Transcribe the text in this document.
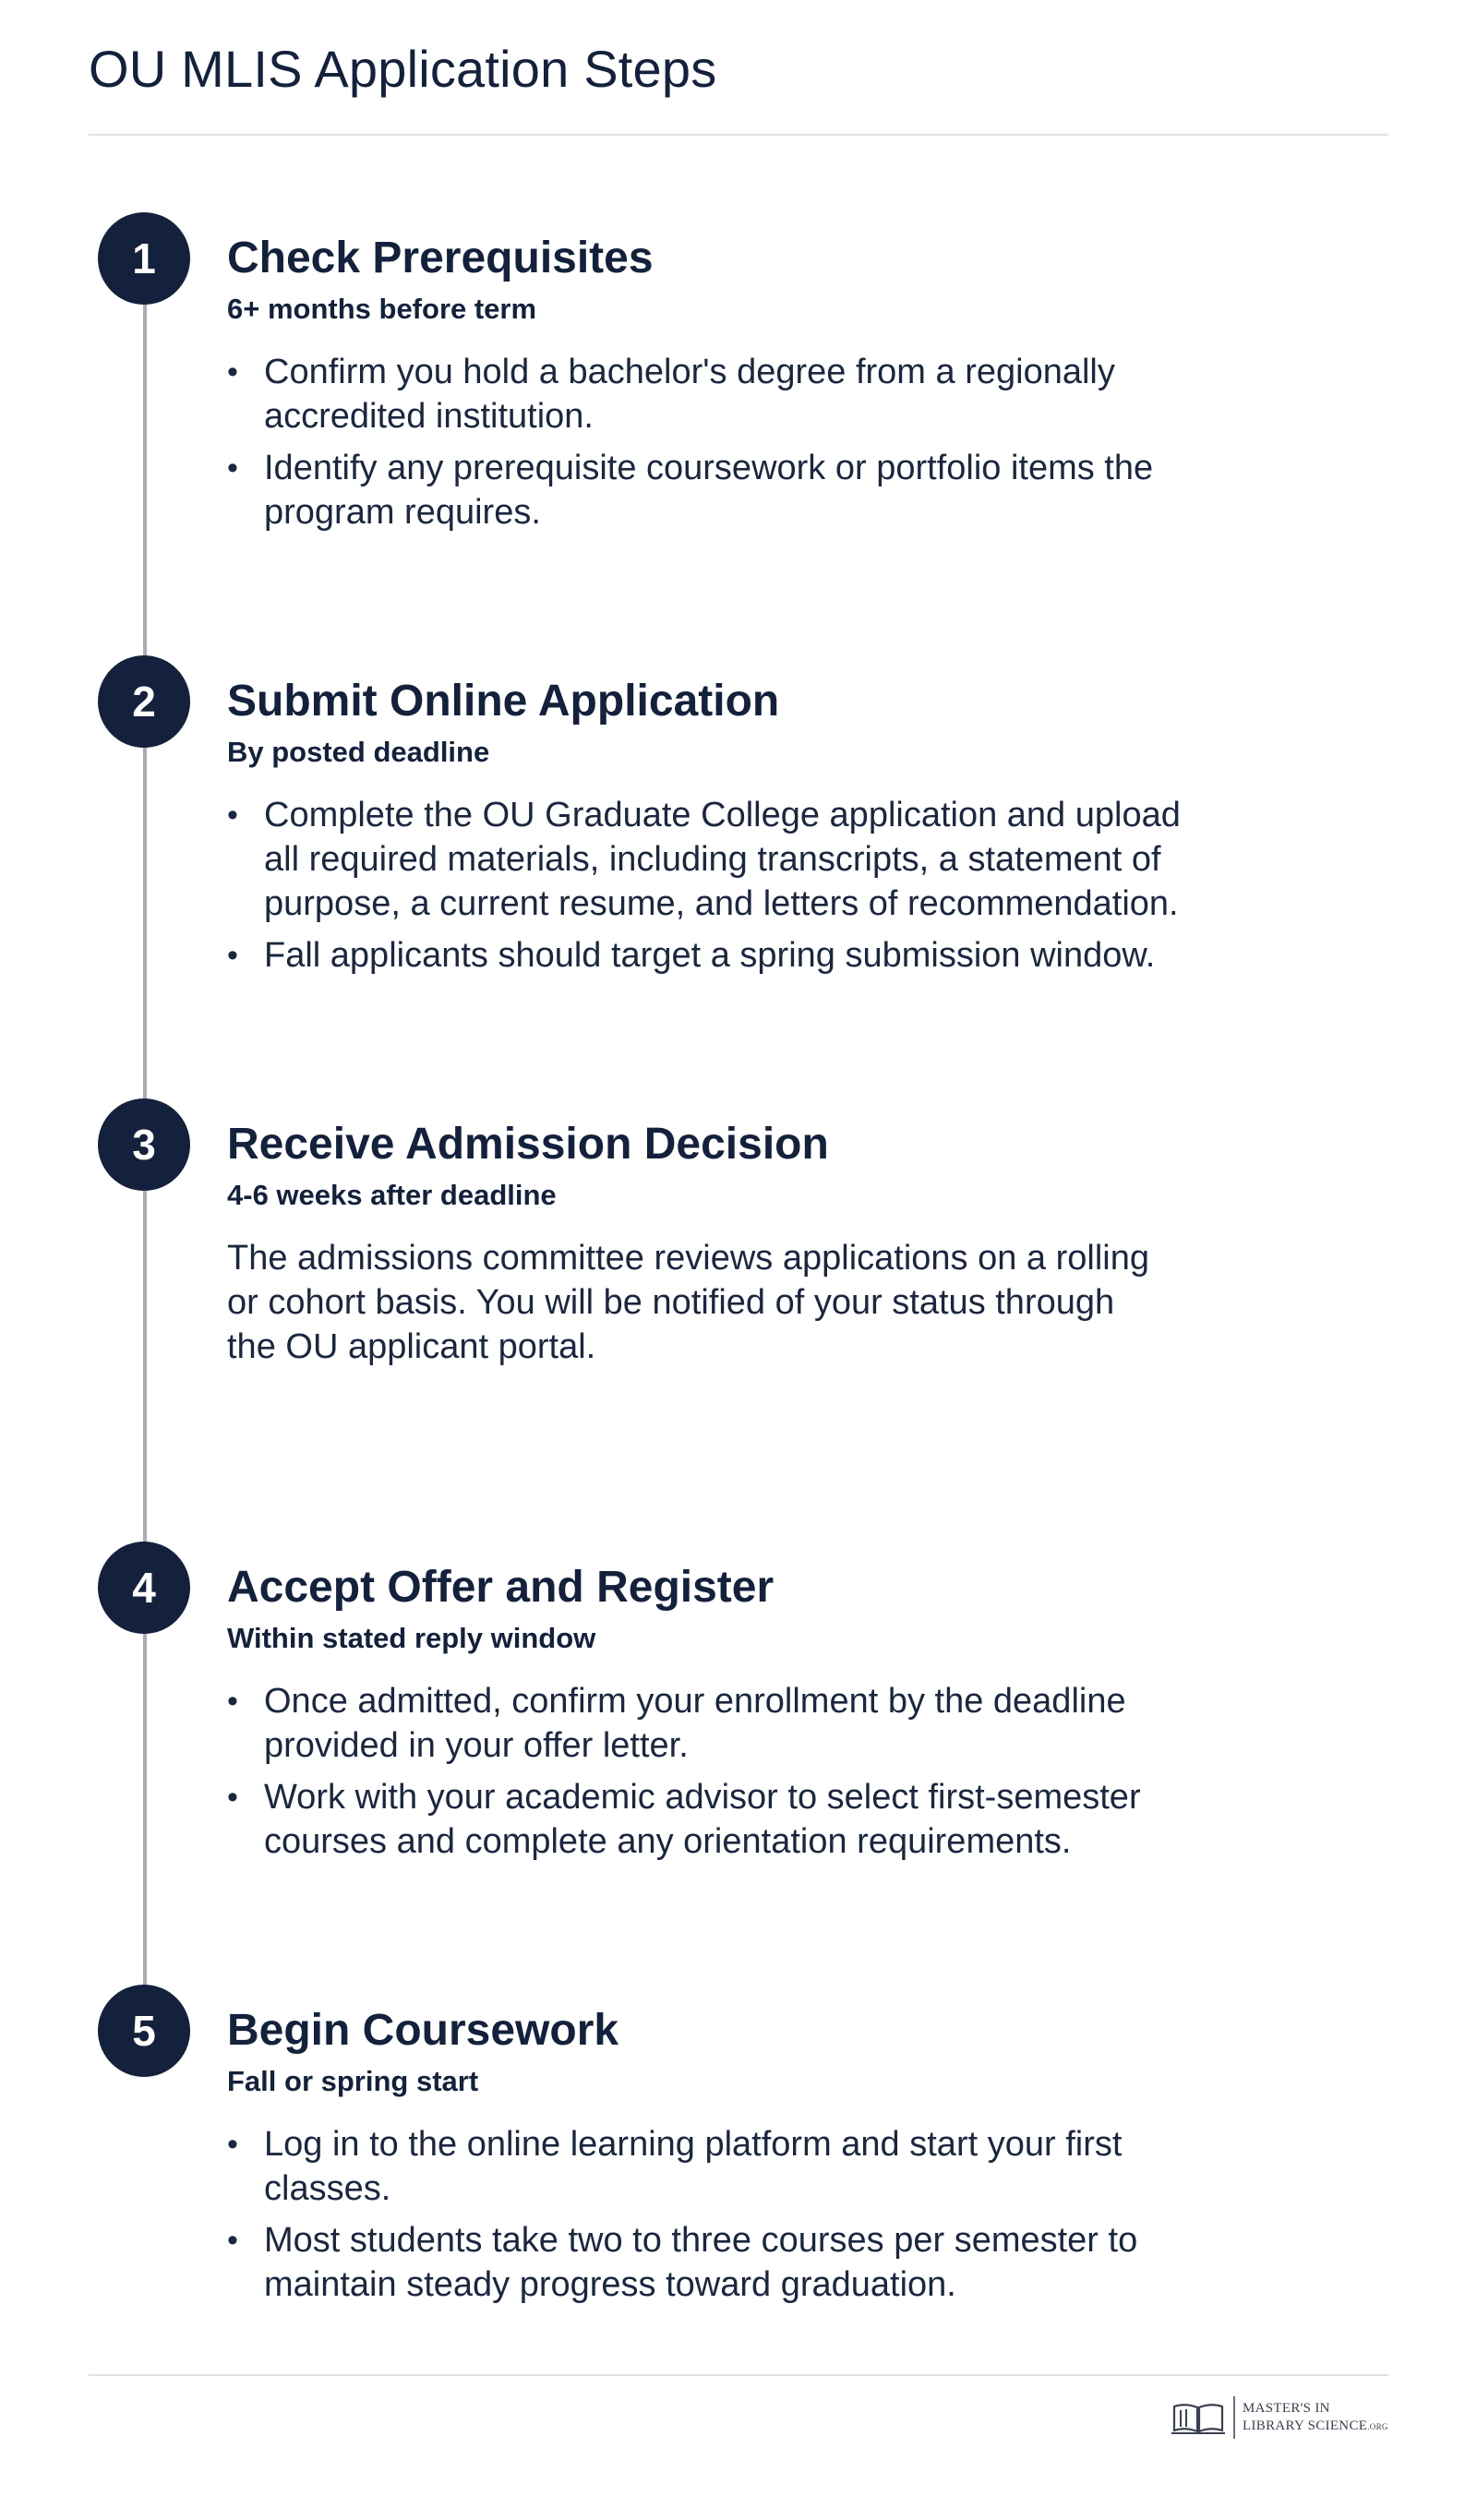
OU MLIS Application Steps
1	Check Prerequisites
6+ months before term
• Confirm you hold a bachelor's degree from a regionally accredited institution.
• Identify any prerequisite coursework or portfolio items the program requires.
2	Submit Online Application
By posted deadline
• Complete the OU Graduate College application and upload all required materials, including transcripts, a statement of purpose, a current resume, and letters of recommendation.
• Fall applicants should target a spring submission window.
3	Receive Admission Decision
4-6 weeks after deadline
The admissions committee reviews applications on a rolling or cohort basis. You will be notified of your status through the OU applicant portal.
4	Accept Offer and Register
Within stated reply window
• Once admitted, confirm your enrollment by the deadline provided in your offer letter.
• Work with your academic advisor to select first-semester courses and complete any orientation requirements.
5	Begin Coursework
Fall or spring start
• Log in to the online learning platform and start your first classes.
• Most students take two to three courses per semester to maintain steady progress toward graduation.
MASTER'S IN
LIBRARY SCIENCE.ORG
